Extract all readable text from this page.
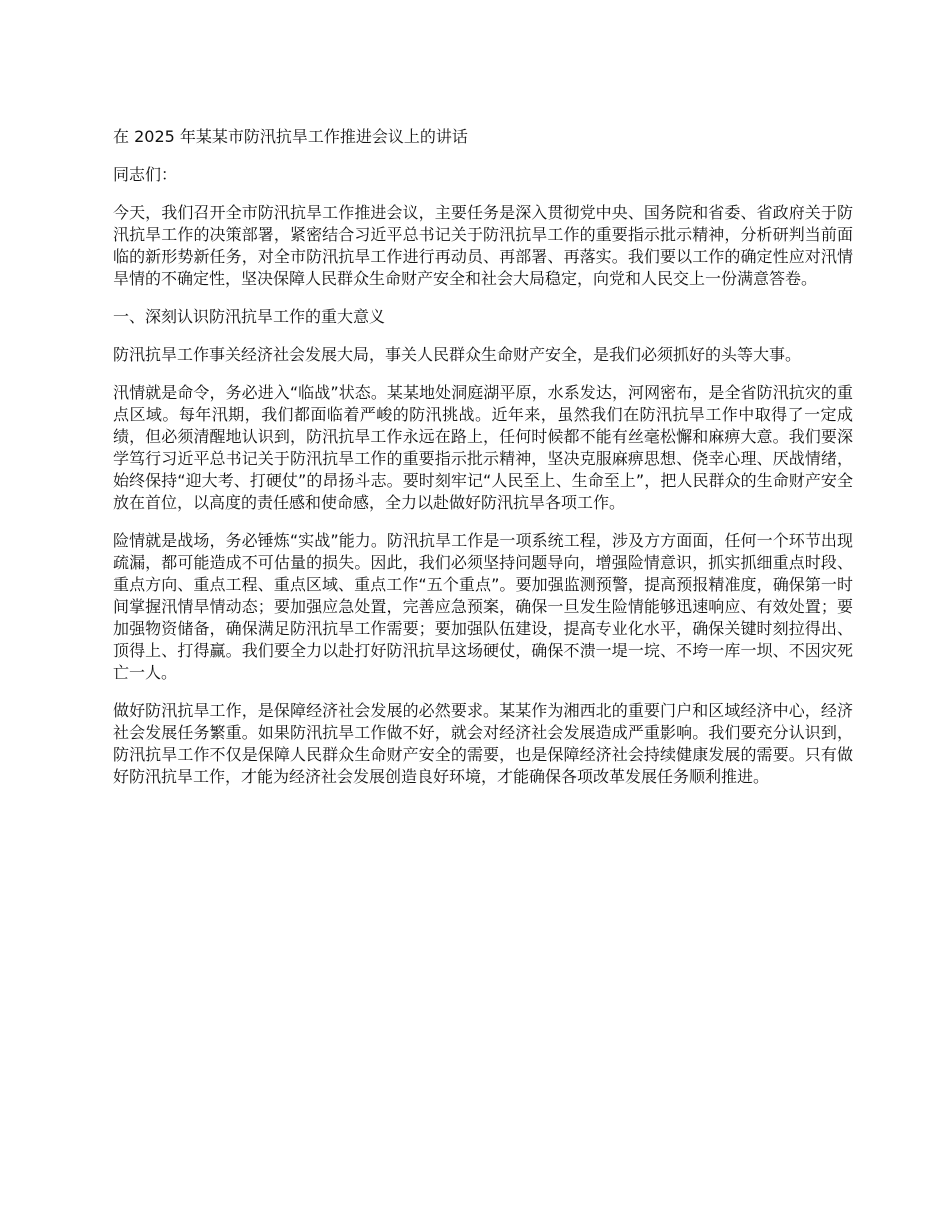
在 2025 年某某市防汛抗旱工作推进会议上的讲话
同志们：
今天，我们召开全市防汛抗旱工作推进会议，主要任务是深入贯彻党中央、国务院和省委、省政府关于防汛抗旱工作的决策部署，紧密结合习近平总书记关于防汛抗旱工作的重要指示批示精神，分析研判当前面临的新形势新任务，对全市防汛抗旱工作进行再动员、再部署、再落实。我们要以工作的确定性应对汛情旱情的不确定性，坚决保障人民群众生命财产安全和社会大局稳定，向党和人民交上一份满意答卷。
一、深刻认识防汛抗旱工作的重大意义
防汛抗旱工作事关经济社会发展大局，事关人民群众生命财产安全，是我们必须抓好的头等大事。
汛情就是命令，务必进入“临战”状态。某某地处洞庭湖平原，水系发达，河网密布，是全省防汛抗灾的重点区域。每年汛期，我们都面临着严峻的防汛挑战。近年来，虽然我们在防汛抗旱工作中取得了一定成绩，但必须清醒地认识到，防汛抗旱工作永远在路上，任何时候都不能有丝毫松懈和麻痹大意。我们要深学笃行习近平总书记关于防汛抗旱工作的重要指示批示精神，坚决克服麻痹思想、侥幸心理、厌战情绪，始终保持“迎大考、打硬仗”的昂扬斗志。要时刻牢记“人民至上、生命至上”，把人民群众的生命财产安全放在首位，以高度的责任感和使命感，全力以赴做好防汛抗旱各项工作。
险情就是战场，务必锤炼“实战”能力。防汛抗旱工作是一项系统工程，涉及方方面面，任何一个环节出现疏漏，都可能造成不可估量的损失。因此，我们必须坚持问题导向，增强险情意识，抓实抓细重点时段、重点方向、重点工程、重点区域、重点工作“五个重点”。要加强监测预警，提高预报精准度，确保第一时间掌握汛情旱情动态；要加强应急处置，完善应急预案，确保一旦发生险情能够迅速响应、有效处置；要加强物资储备，确保满足防汛抗旱工作需要；要加强队伍建设，提高专业化水平，确保关键时刻拉得出、顶得上、打得赢。我们要全力以赴打好防汛抗旱这场硬仗，确保不溃一堤一垸、不垮一库一坝、不因灾死亡一人。
做好防汛抗旱工作，是保障经济社会发展的必然要求。某某作为湘西北的重要门户和区域经济中心，经济社会发展任务繁重。如果防汛抗旱工作做不好，就会对经济社会发展造成严重影响。我们要充分认识到，防汛抗旱工作不仅是保障人民群众生命财产安全的需要，也是保障经济社会持续健康发展的需要。只有做好防汛抗旱工作，才能为经济社会发展创造良好环境，才能确保各项改革发展任务顺利推进。
